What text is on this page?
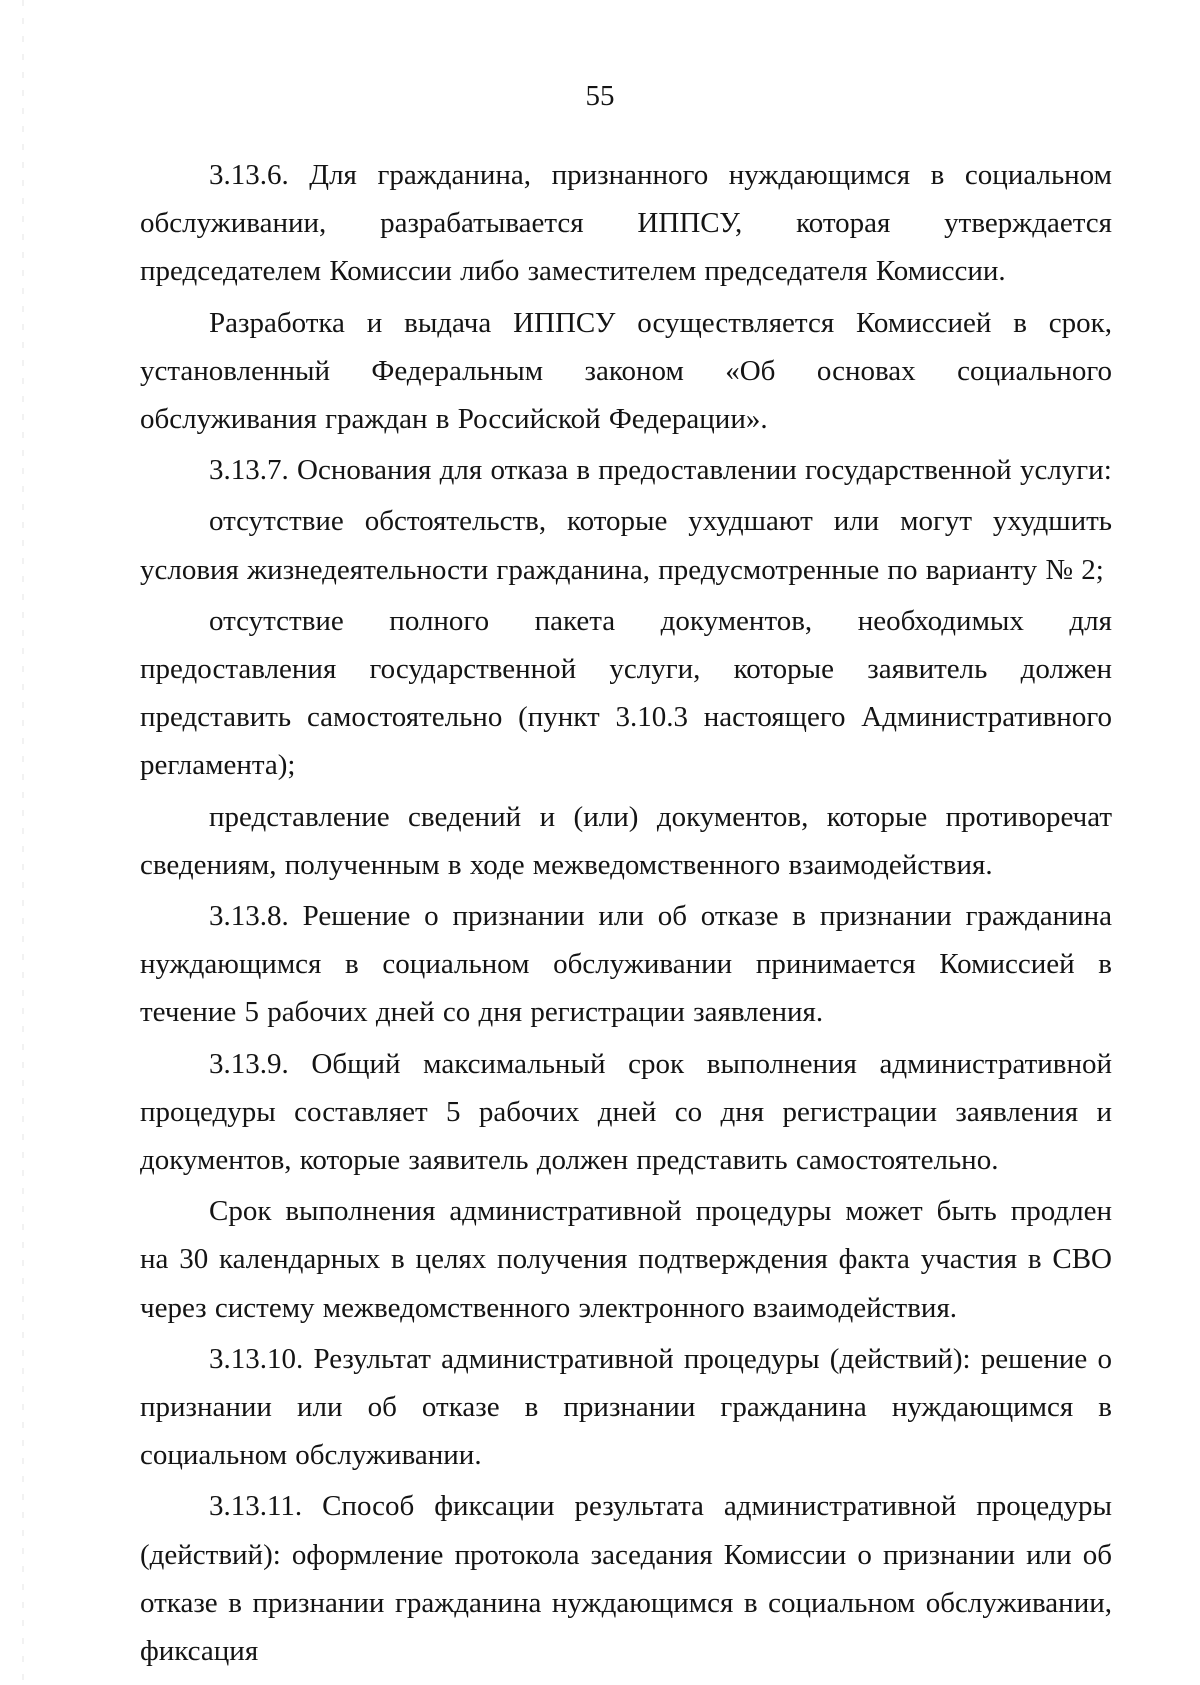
55

3.13.6. Для гражданина, признанного нуждающимся в социальном обслуживании, разрабатывается ИППСУ, которая утверждается председателем Комиссии либо заместителем председателя Комиссии.

Разработка и выдача ИППСУ осуществляется Комиссией в срок, установленный Федеральным законом «Об основах социального обслуживания граждан в Российской Федерации».

3.13.7. Основания для отказа в предоставлении государственной услуги:

отсутствие обстоятельств, которые ухудшают или могут ухудшить условия жизнедеятельности гражданина, предусмотренные по варианту № 2;

отсутствие полного пакета документов, необходимых для предоставления государственной услуги, которые заявитель должен представить самостоятельно (пункт 3.10.3 настоящего Административного регламента);

представление сведений и (или) документов, которые противоречат сведениям, полученным в ходе межведомственного взаимодействия.

3.13.8. Решение о признании или об отказе в признании гражданина нуждающимся в социальном обслуживании принимается Комиссией в течение 5 рабочих дней со дня регистрации заявления.

3.13.9. Общий максимальный срок выполнения административной процедуры составляет 5 рабочих дней со дня регистрации заявления и документов, которые заявитель должен представить самостоятельно.

Срок выполнения административной процедуры может быть продлен на 30 календарных в целях получения подтверждения факта участия в СВО через систему межведомственного электронного взаимодействия.

3.13.10. Результат административной процедуры (действий): решение о признании или об отказе в признании гражданина нуждающимся в социальном обслуживании.

3.13.11. Способ фиксации результата административной процедуры (действий): оформление протокола заседания Комиссии о признании или об отказе в признании гражданина нуждающимся в социальном обслуживании, фиксация
